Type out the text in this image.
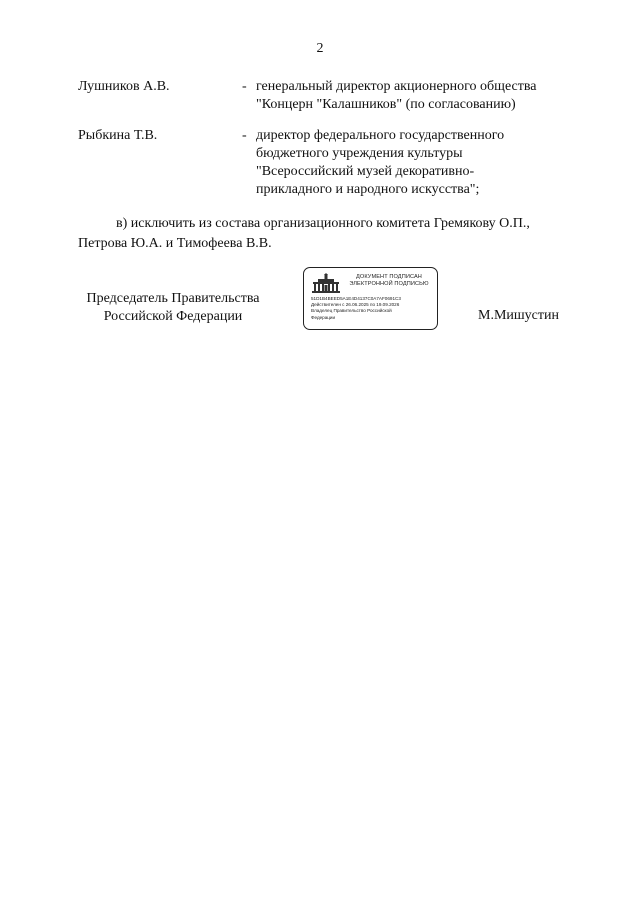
2
Лушников А.В.	- генеральный директор акционерного общества
"Концерн "Калашников" (по согласованию)
Рыбкина Т.В.	- директор федерального государственного
бюджетного учреждения культуры
"Всероссийский музей декоративно-
прикладного и народного искусства";
в) исключить из состава организационного комитета Гремякову О.П.,
Петрова Ю.А. и Тимофеева В.В.
Председатель Правительства
Российской Федерации
ДОКУМЕНТ ПОДПИСАН
ЭЛЕКТРОННОЙ ПОДПИСЬЮ
51D1B4BEED5A1E4D4137C0A7AF0691C3
Действителен с 26.06.2025 по 19.09.2026
Владелец Правительство Российской
Федерации	М.Мишустин
